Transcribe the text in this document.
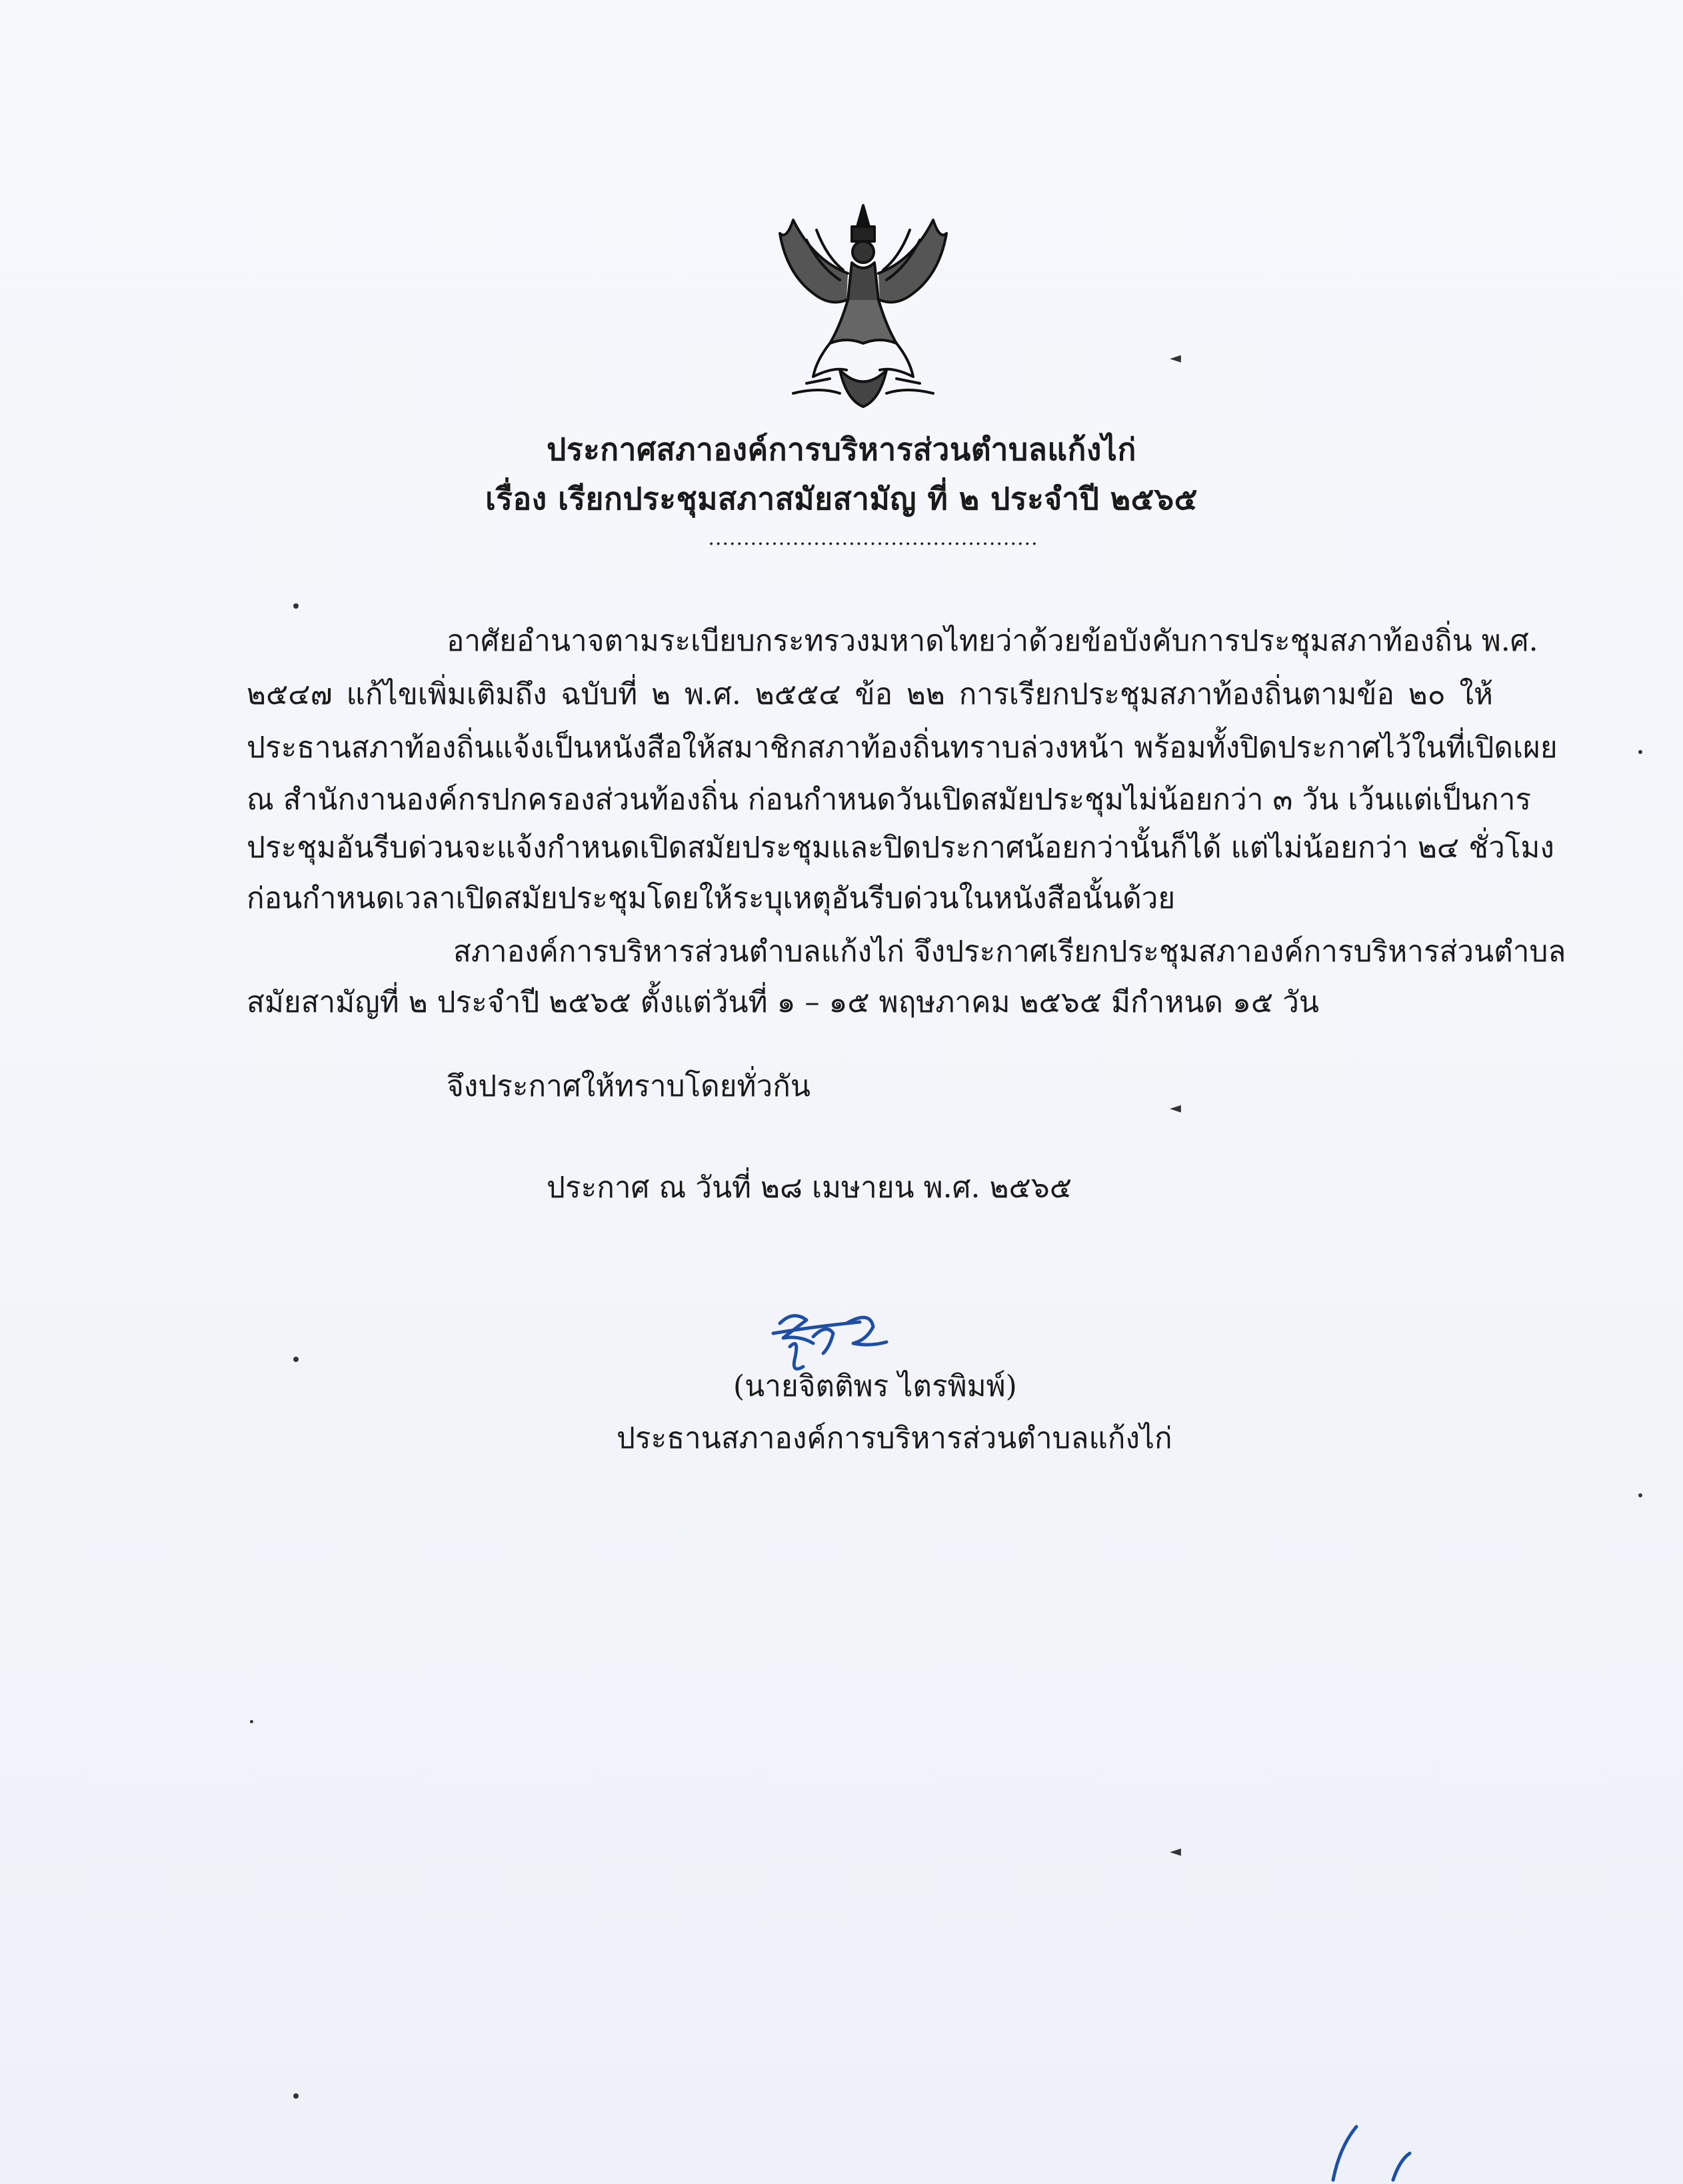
ประกาศสภาองค์การบริหารส่วนตำบลแก้งไก่
เรื่อง เรียกประชุมสภาสมัยสามัญ ที่ ๒ ประจำปี ๒๕๖๕
...............................................
อาศัยอำนาจตามระเบียบกระทรวงมหาดไทยว่าด้วยข้อบังคับการประชุมสภาท้องถิ่น พ.ศ.
๒๕๔๗ แก้ไขเพิ่มเติมถึง ฉบับที่ ๒ พ.ศ. ๒๕๕๔ ข้อ ๒๒ การเรียกประชุมสภาท้องถิ่นตามข้อ ๒๐ ให้
ประธานสภาท้องถิ่นแจ้งเป็นหนังสือให้สมาชิกสภาท้องถิ่นทราบล่วงหน้า พร้อมทั้งปิดประกาศไว้ในที่เปิดเผย
ณ สำนักงานองค์กรปกครองส่วนท้องถิ่น ก่อนกำหนดวันเปิดสมัยประชุมไม่น้อยกว่า ๓ วัน เว้นแต่เป็นการ
ประชุมอันรีบด่วนจะแจ้งกำหนดเปิดสมัยประชุมและปิดประกาศน้อยกว่านั้นก็ได้ แต่ไม่น้อยกว่า ๒๔ ชั่วโมง
ก่อนกำหนดเวลาเปิดสมัยประชุมโดยให้ระบุเหตุอันรีบด่วนในหนังสือนั้นด้วย
สภาองค์การบริหารส่วนตำบลแก้งไก่ จึงประกาศเรียกประชุมสภาองค์การบริหารส่วนตำบล
สมัยสามัญที่ ๒ ประจำปี ๒๕๖๕ ตั้งแต่วันที่ ๑ – ๑๕ พฤษภาคม ๒๕๖๕ มีกำหนด ๑๕ วัน
จึงประกาศให้ทราบโดยทั่วกัน
ประกาศ ณ วันที่ ๒๘ เมษายน พ.ศ. ๒๕๖๕
(นายจิตติพร ไตรพิมพ์)
ประธานสภาองค์การบริหารส่วนตำบลแก้งไก่
◄
◄
◄
